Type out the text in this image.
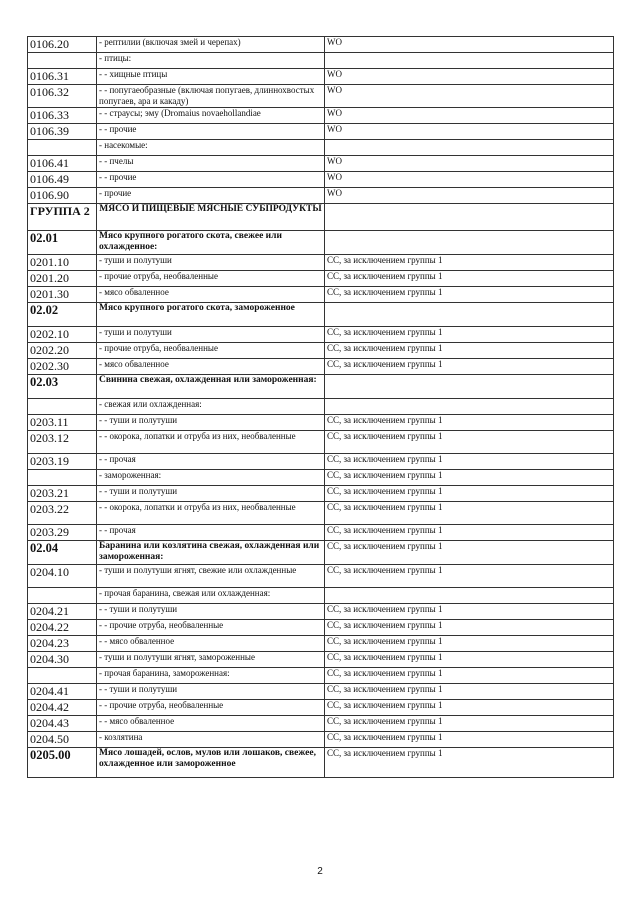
0106.20	- рептилии (включая змей и черепах)	WO
	- птицы:	
0106.31	- - хищные птицы	WO
0106.32	- - попугаеобразные (включая попугаев, длиннохвостых попугаев, ара и какаду)	WO
0106.33	- - страусы; эму (Dromaius novaehollandiae	WO
0106.39	- - прочие	WO
	- насекомые:	
0106.41	- - пчелы	WO
0106.49	- - прочие	WO
0106.90	- прочие	WO
ГРУППА 2	МЯСО И ПИЩЕВЫЕ МЯСНЫЕ СУБПРОДУКТЫ	
02.01	Мясо крупного рогатого скота, свежее или охлажденное:	
0201.10	- туши и полутуши	CC, за исключением группы 1
0201.20	- прочие отруба, необваленные	CC, за исключением группы 1
0201.30	- мясо обваленное	CC, за исключением группы 1
02.02	Мясо крупного рогатого скота, замороженное	
0202.10	- туши и полутуши	CC, за исключением группы 1
0202.20	- прочие отруба, необваленные	CC, за исключением группы 1
0202.30	- мясо обваленное	CC, за исключением группы 1
02.03	Свинина свежая, охлажденная или замороженная:	
	- свежая или охлажденная:	
0203.11	- - туши и полутуши	CC, за исключением группы 1
0203.12	- - окорока, лопатки и отруба из них, необваленные	CC, за исключением группы 1
0203.19	- - прочая	CC, за исключением группы 1
	- замороженная:	CC, за исключением группы 1
0203.21	- - туши и полутуши	CC, за исключением группы 1
0203.22	- - окорока, лопатки и отруба из них, необваленные	CC, за исключением группы 1
0203.29	- - прочая	CC, за исключением группы 1
02.04	Баранина или козлятина свежая, охлажденная или замороженная:	CC, за исключением группы 1
0204.10	- туши и полутуши ягнят, свежие или охлажденные	CC, за исключением группы 1
	- прочая баранина, свежая или охлажденная:	
0204.21	- - туши и полутуши	CC, за исключением группы 1
0204.22	- - прочие отруба, необваленные	CC, за исключением группы 1
0204.23	- - мясо обваленное	CC, за исключением группы 1
0204.30	- туши и полутуши ягнят, замороженные	CC, за исключением группы 1
	- прочая баранина, замороженная:	CC, за исключением группы 1
0204.41	- - туши и полутуши	CC, за исключением группы 1
0204.42	- - прочие отруба, необваленные	CC, за исключением группы 1
0204.43	- - мясо обваленное	CC, за исключением группы 1
0204.50	- козлятина	CC, за исключением группы 1
0205.00	Мясо лошадей, ослов, мулов или лошаков, свежее, охлажденное или замороженное	CC, за исключением группы 1
2
